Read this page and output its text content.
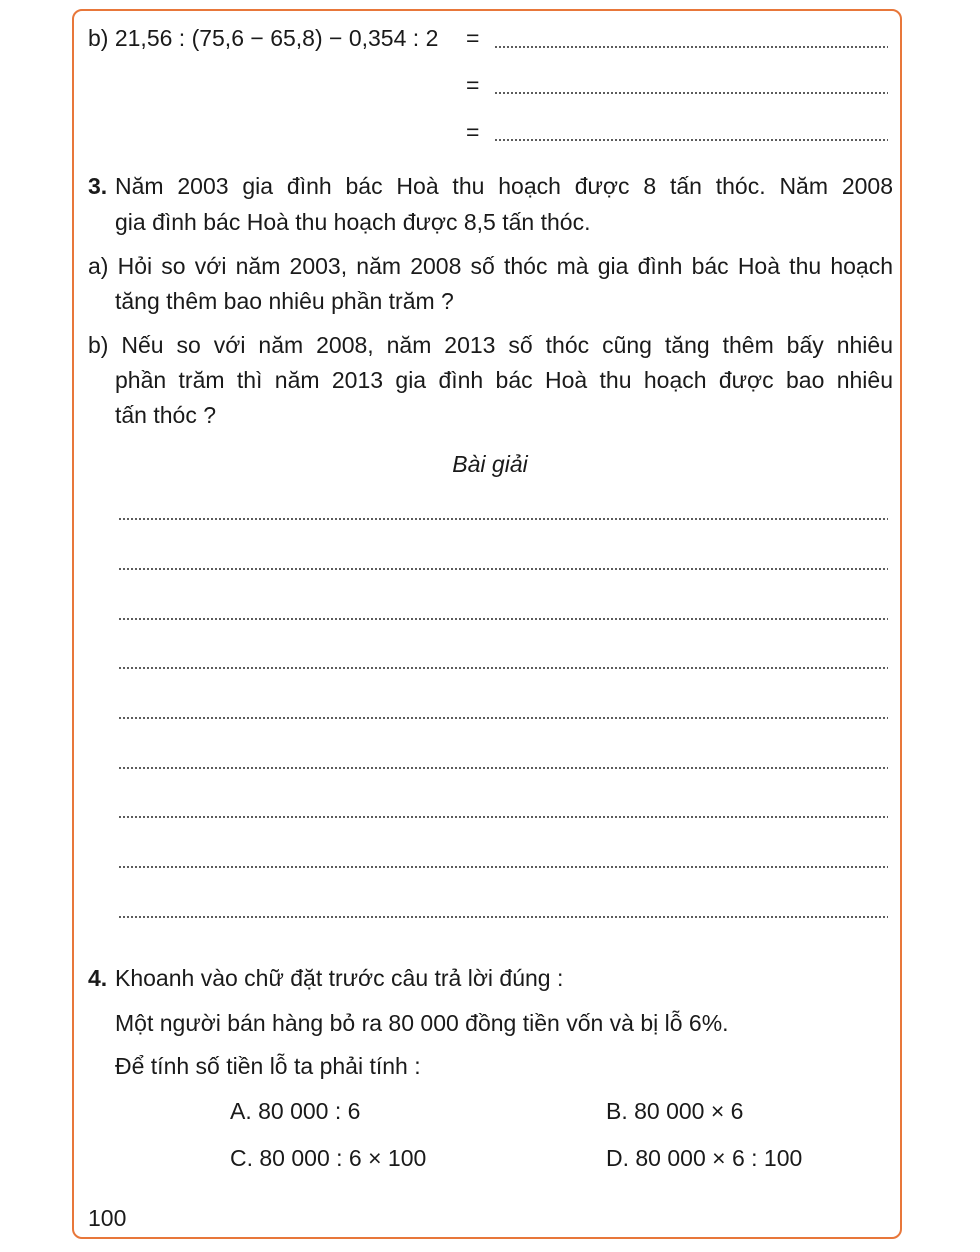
b) 21,56 : (75,6 − 65,8) − 0,354 : 2 =
=
=
3. Năm 2003 gia đình bác Hoà thu hoạch được 8 tấn thóc. Năm 2008
gia đình bác Hoà thu hoạch được 8,5 tấn thóc.
a) Hỏi so với năm 2003, năm 2008 số thóc mà gia đình bác Hoà thu hoạch
tăng thêm bao nhiêu phần trăm ?
b) Nếu so với năm 2008, năm 2013 số thóc cũng tăng thêm bấy nhiêu
phần trăm thì năm 2013 gia đình bác Hoà thu hoạch được bao nhiêu
tấn thóc ?
Bài giải
4. Khoanh vào chữ đặt trước câu trả lời đúng :
Một người bán hàng bỏ ra 80 000 đồng tiền vốn và bị lỗ 6%.
Để tính số tiền lỗ ta phải tính :
A. 80 000 : 6	B. 80 000 × 6
C. 80 000 : 6 × 100	D. 80 000 × 6 : 100
100
